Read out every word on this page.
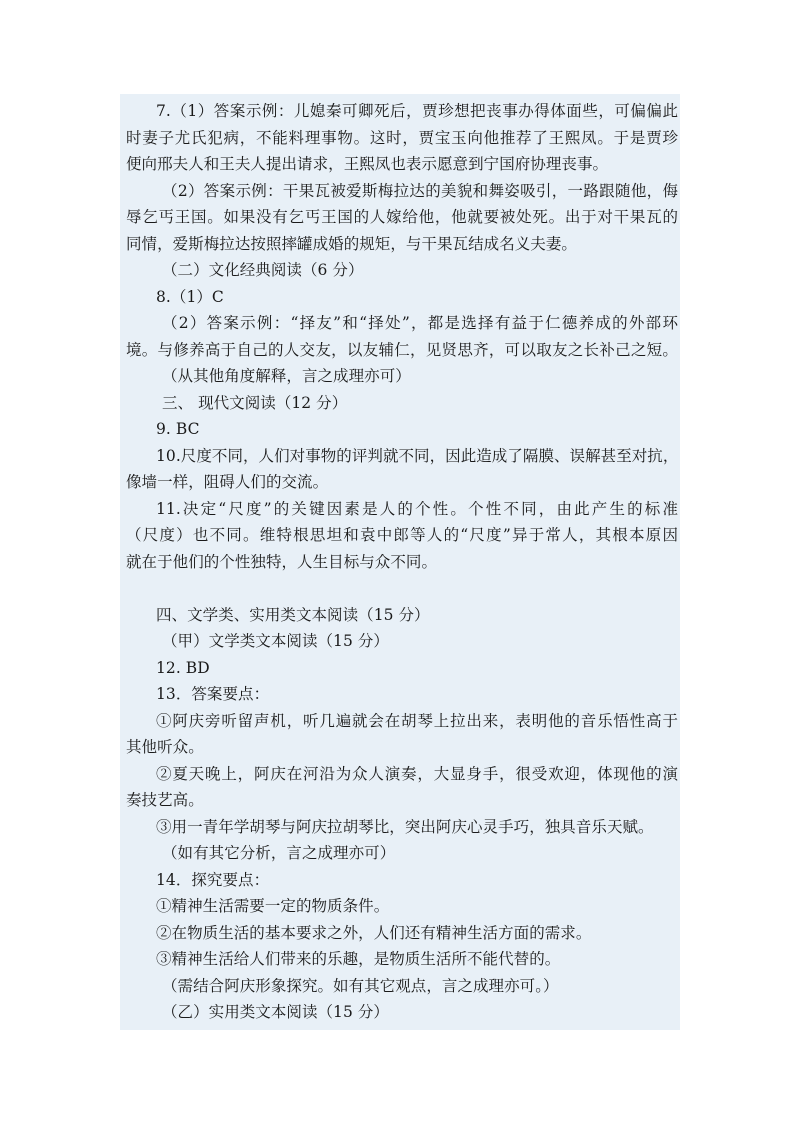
7.（1）答案示例：儿媳秦可卿死后，贾珍想把丧事办得体面些，可偏偏此
时妻子尤氏犯病，不能料理事物。这时，贾宝玉向他推荐了王熙凤。于是贾珍
便向邢夫人和王夫人提出请求，王熙凤也表示愿意到宁国府协理丧事。
（2）答案示例：干果瓦被爱斯梅拉达的美貌和舞姿吸引，一路跟随他，侮
辱乞丐王国。如果没有乞丐王国的人嫁给他，他就要被处死。出于对干果瓦的
同情，爱斯梅拉达按照摔罐成婚的规矩，与干果瓦结成名义夫妻。
（二）文化经典阅读（6 分）
8.（1）C
（2）答案示例：“择友”和“择处”，都是选择有益于仁德养成的外部环
境。与修养高于自己的人交友，以友辅仁，见贤思齐，可以取友之长补己之短。
（从其他角度解释，言之成理亦可）
三、 现代文阅读（12 分）
9. BC
10.尺度不同，人们对事物的评判就不同，因此造成了隔膜、误解甚至对抗，
像墙一样，阻碍人们的交流。
11.决定“尺度”的关键因素是人的个性。个性不同，由此产生的标准
（尺度）也不同。维特根思坦和袁中郎等人的“尺度”异于常人，其根本原因
就在于他们的个性独特，人生目标与众不同。
四、文学类、实用类文本阅读（15 分）
（甲）文学类文本阅读（15 分）
12. BD
13．答案要点：
①阿庆旁听留声机，听几遍就会在胡琴上拉出来，表明他的音乐悟性高于
其他听众。
②夏天晚上，阿庆在河沿为众人演奏，大显身手，很受欢迎，体现他的演
奏技艺高。
③用一青年学胡琴与阿庆拉胡琴比，突出阿庆心灵手巧，独具音乐天赋。
（如有其它分析，言之成理亦可）
14．探究要点：
①精神生活需要一定的物质条件。
②在物质生活的基本要求之外，人们还有精神生活方面的需求。
③精神生活给人们带来的乐趣，是物质生活所不能代替的。
（需结合阿庆形象探究。如有其它观点，言之成理亦可。）
（乙）实用类文本阅读（15 分）
